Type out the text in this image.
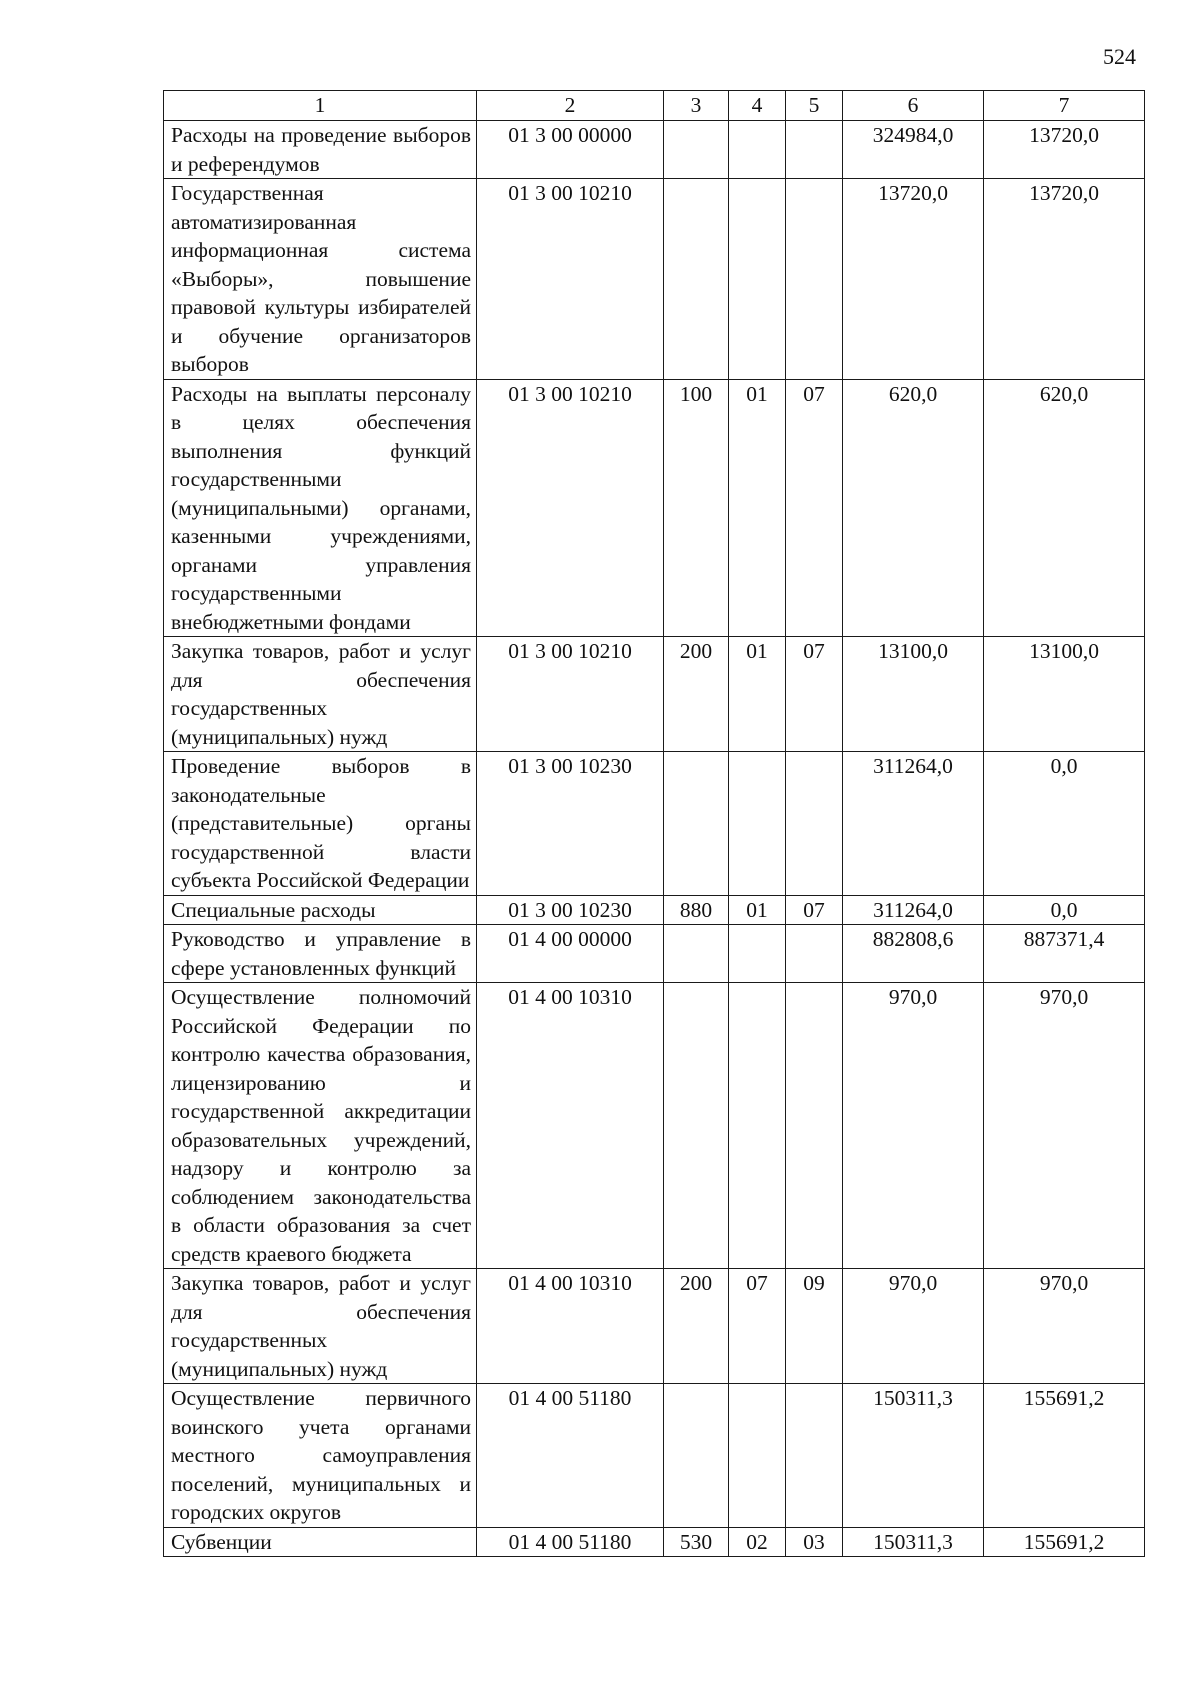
524
1	2	3	4	5	6	7
Расходы на проведение выборов и референдумов	01 3 00 00000				324984,0	13720,0
Государственная автоматизированная информационная система «Выборы», повышение правовой культуры избирателей и обучение организаторов выборов	01 3 00 10210				13720,0	13720,0
Расходы на выплаты персоналу в целях обеспечения выполнения функций государственными (муниципальными) органами, казенными учреждениями, органами управления государственными внебюджетными фондами	01 3 00 10210	100	01	07	620,0	620,0
Закупка товаров, работ и услуг для обеспечения государственных (муниципальных) нужд	01 3 00 10210	200	01	07	13100,0	13100,0
Проведение выборов в законодательные (представительные) органы государственной власти субъекта Российской Федерации	01 3 00 10230				311264,0	0,0
Специальные расходы	01 3 00 10230	880	01	07	311264,0	0,0
Руководство и управление в сфере установленных функций	01 4 00 00000				882808,6	887371,4
Осуществление полномочий Российской Федерации по контролю качества образования, лицензированию и государственной аккредитации образовательных учреждений, надзору и контролю за соблюдением законодательства в области образования за счет средств краевого бюджета	01 4 00 10310				970,0	970,0
Закупка товаров, работ и услуг для обеспечения государственных (муниципальных) нужд	01 4 00 10310	200	07	09	970,0	970,0
Осуществление первичного воинского учета органами местного самоуправления поселений, муниципальных и городских округов	01 4 00 51180				150311,3	155691,2
Субвенции	01 4 00 51180	530	02	03	150311,3	155691,2
